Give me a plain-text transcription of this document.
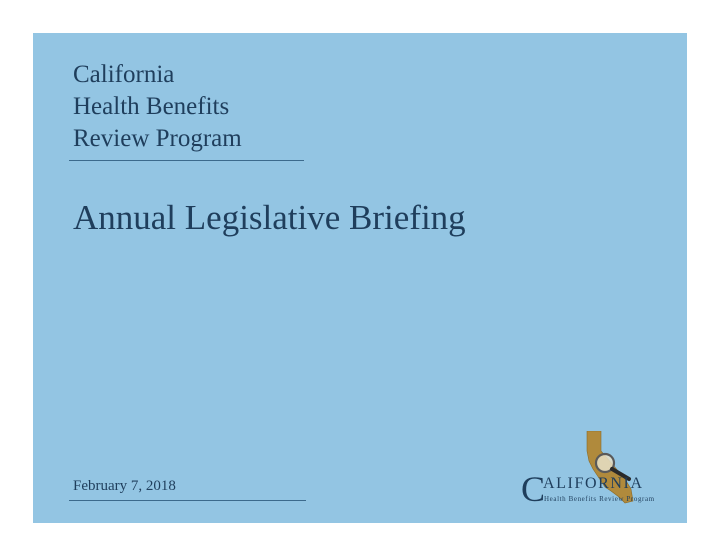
California
Health Benefits
Review Program
Annual Legislative Briefing
February 7, 2018	C
ALIFORNIA
Health Benefits Review Program
